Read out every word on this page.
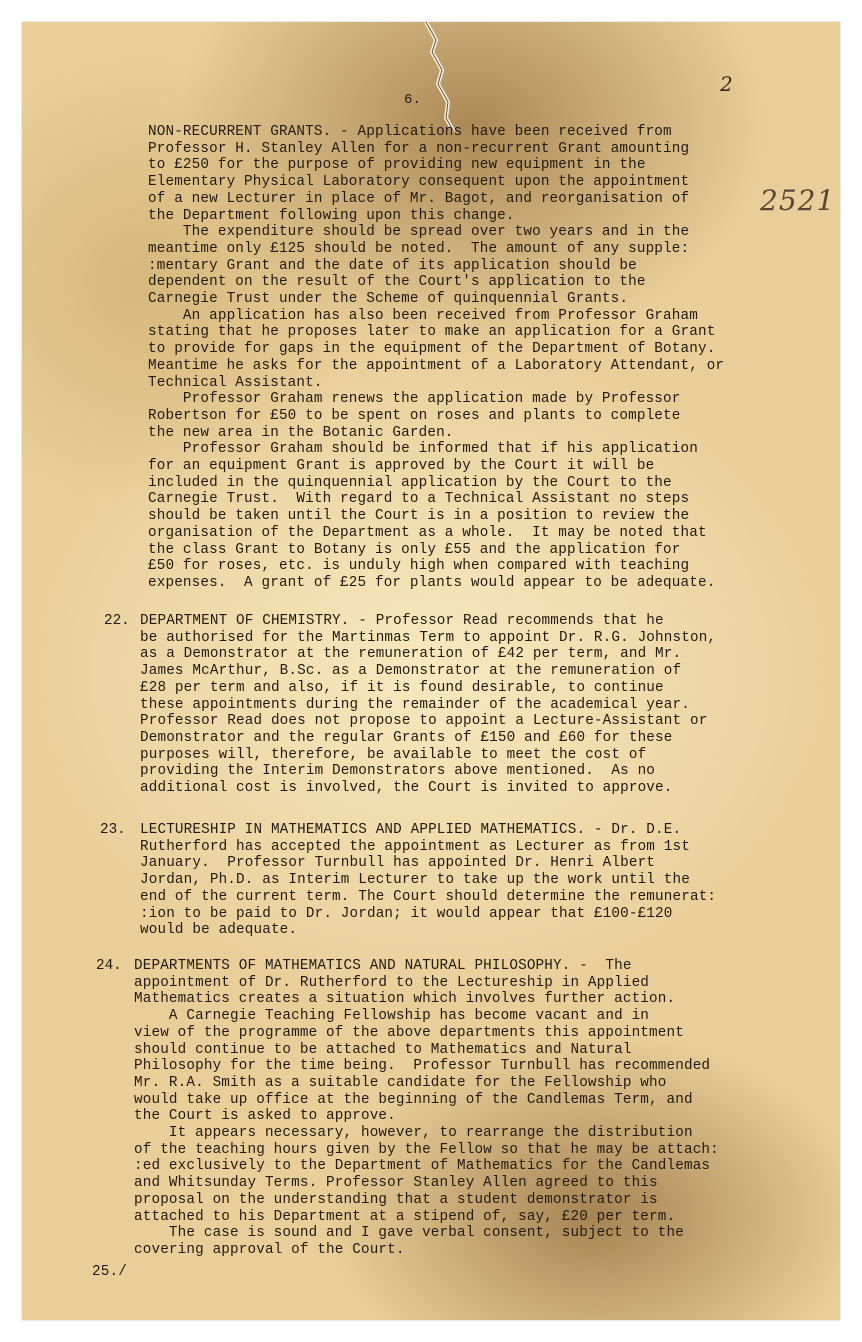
6.
2
2521
NON-RECURRENT GRANTS. - Applications have been received from
Professor H. Stanley Allen for a non-recurrent Grant amounting
to £250 for the purpose of providing new equipment in the
Elementary Physical Laboratory consequent upon the appointment
of a new Lecturer in place of Mr. Bagot, and reorganisation of
the Department following upon this change.
The expenditure should be spread over two years and in the
meantime only £125 should be noted.  The amount of any supple:
:mentary Grant and the date of its application should be
dependent on the result of the Court's application to the
Carnegie Trust under the Scheme of quinquennial Grants.
An application has also been received from Professor Graham
stating that he proposes later to make an application for a Grant
to provide for gaps in the equipment of the Department of Botany.
Meantime he asks for the appointment of a Laboratory Attendant, or
Technical Assistant.
Professor Graham renews the application made by Professor
Robertson for £50 to be spent on roses and plants to complete
the new area in the Botanic Garden.
Professor Graham should be informed that if his application
for an equipment Grant is approved by the Court it will be
included in the quinquennial application by the Court to the
Carnegie Trust.  With regard to a Technical Assistant no steps
should be taken until the Court is in a position to review the
organisation of the Department as a whole.  It may be noted that
the class Grant to Botany is only £55 and the application for
£50 for roses, etc. is unduly high when compared with teaching
expenses.  A grant of £25 for plants would appear to be adequate.
22. DEPARTMENT OF CHEMISTRY. - Professor Read recommends that he
be authorised for the Martinmas Term to appoint Dr. R.G. Johnston,
as a Demonstrator at the remuneration of £42 per term, and Mr.
James McArthur, B.Sc. as a Demonstrator at the remuneration of
£28 per term and also, if it is found desirable, to continue
these appointments during the remainder of the academical year.
Professor Read does not propose to appoint a Lecture-Assistant or
Demonstrator and the regular Grants of £150 and £60 for these
purposes will, therefore, be available to meet the cost of
providing the Interim Demonstrators above mentioned.  As no
additional cost is involved, the Court is invited to approve.
23. LECTURESHIP IN MATHEMATICS AND APPLIED MATHEMATICS. - Dr. D.E.
Rutherford has accepted the appointment as Lecturer as from 1st
January.  Professor Turnbull has appointed Dr. Henri Albert
Jordan, Ph.D. as Interim Lecturer to take up the work until the
end of the current term. The Court should determine the remunerat:
:ion to be paid to Dr. Jordan; it would appear that £100-£120
would be adequate.
24. DEPARTMENTS OF MATHEMATICS AND NATURAL PHILOSOPHY. -  The
appointment of Dr. Rutherford to the Lectureship in Applied
Mathematics creates a situation which involves further action.
A Carnegie Teaching Fellowship has become vacant and in
view of the programme of the above departments this appointment
should continue to be attached to Mathematics and Natural
Philosophy for the time being.  Professor Turnbull has recommended
Mr. R.A. Smith as a suitable candidate for the Fellowship who
would take up office at the beginning of the Candlemas Term, and
the Court is asked to approve.
It appears necessary, however, to rearrange the distribution
of the teaching hours given by the Fellow so that he may be attach:
:ed exclusively to the Department of Mathematics for the Candlemas
and Whitsunday Terms. Professor Stanley Allen agreed to this
proposal on the understanding that a student demonstrator is
attached to his Department at a stipend of, say, £20 per term.
The case is sound and I gave verbal consent, subject to the
covering approval of the Court.
25./
